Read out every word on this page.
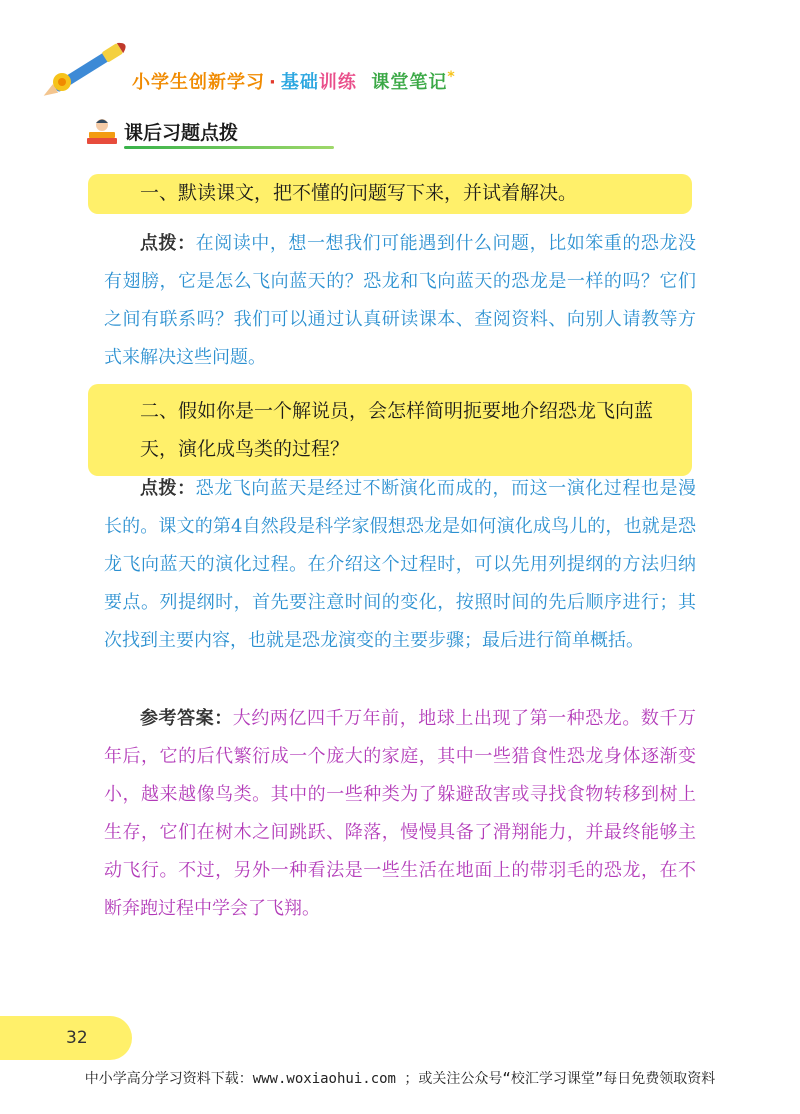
小学生创新学习 · 基础训练 课堂笔记*
课后习题点拨
一、默读课文，把不懂的问题写下来，并试着解决。
点拨：在阅读中，想一想我们可能遇到什么问题，比如笨重的恐龙没有翅膀，它是怎么飞向蓝天的？恐龙和飞向蓝天的恐龙是一样的吗？它们之间有联系吗？我们可以通过认真研读课本、查阅资料、向别人请教等方式来解决这些问题。
二、假如你是一个解说员，会怎样简明扼要地介绍恐龙飞向蓝天，演化成鸟类的过程？
点拨：恐龙飞向蓝天是经过不断演化而成的，而这一演化过程也是漫长的。课文的第4自然段是科学家假想恐龙是如何演化成鸟儿的，也就是恐龙飞向蓝天的演化过程。在介绍这个过程时，可以先用列提纲的方法归纳要点。列提纲时，首先要注意时间的变化，按照时间的先后顺序进行；其次找到主要内容，也就是恐龙演变的主要步骤；最后进行简单概括。
参考答案：大约两亿四千万年前，地球上出现了第一种恐龙。数千万年后，它的后代繁衍成一个庞大的家庭，其中一些猎食性恐龙身体逐渐变小，越来越像鸟类。其中的一些种类为了躲避敌害或寻找食物转移到树上生存，它们在树木之间跳跃、降落，慢慢具备了滑翔能力，并最终能够主动飞行。不过，另外一种看法是一些生活在地面上的带羽毛的恐龙，在不断奔跑过程中学会了飞翔。
32
中小学高分学习资料下载：www.woxiaohui.com ；或关注公众号“校汇学习课堂”每日免费领取资料
